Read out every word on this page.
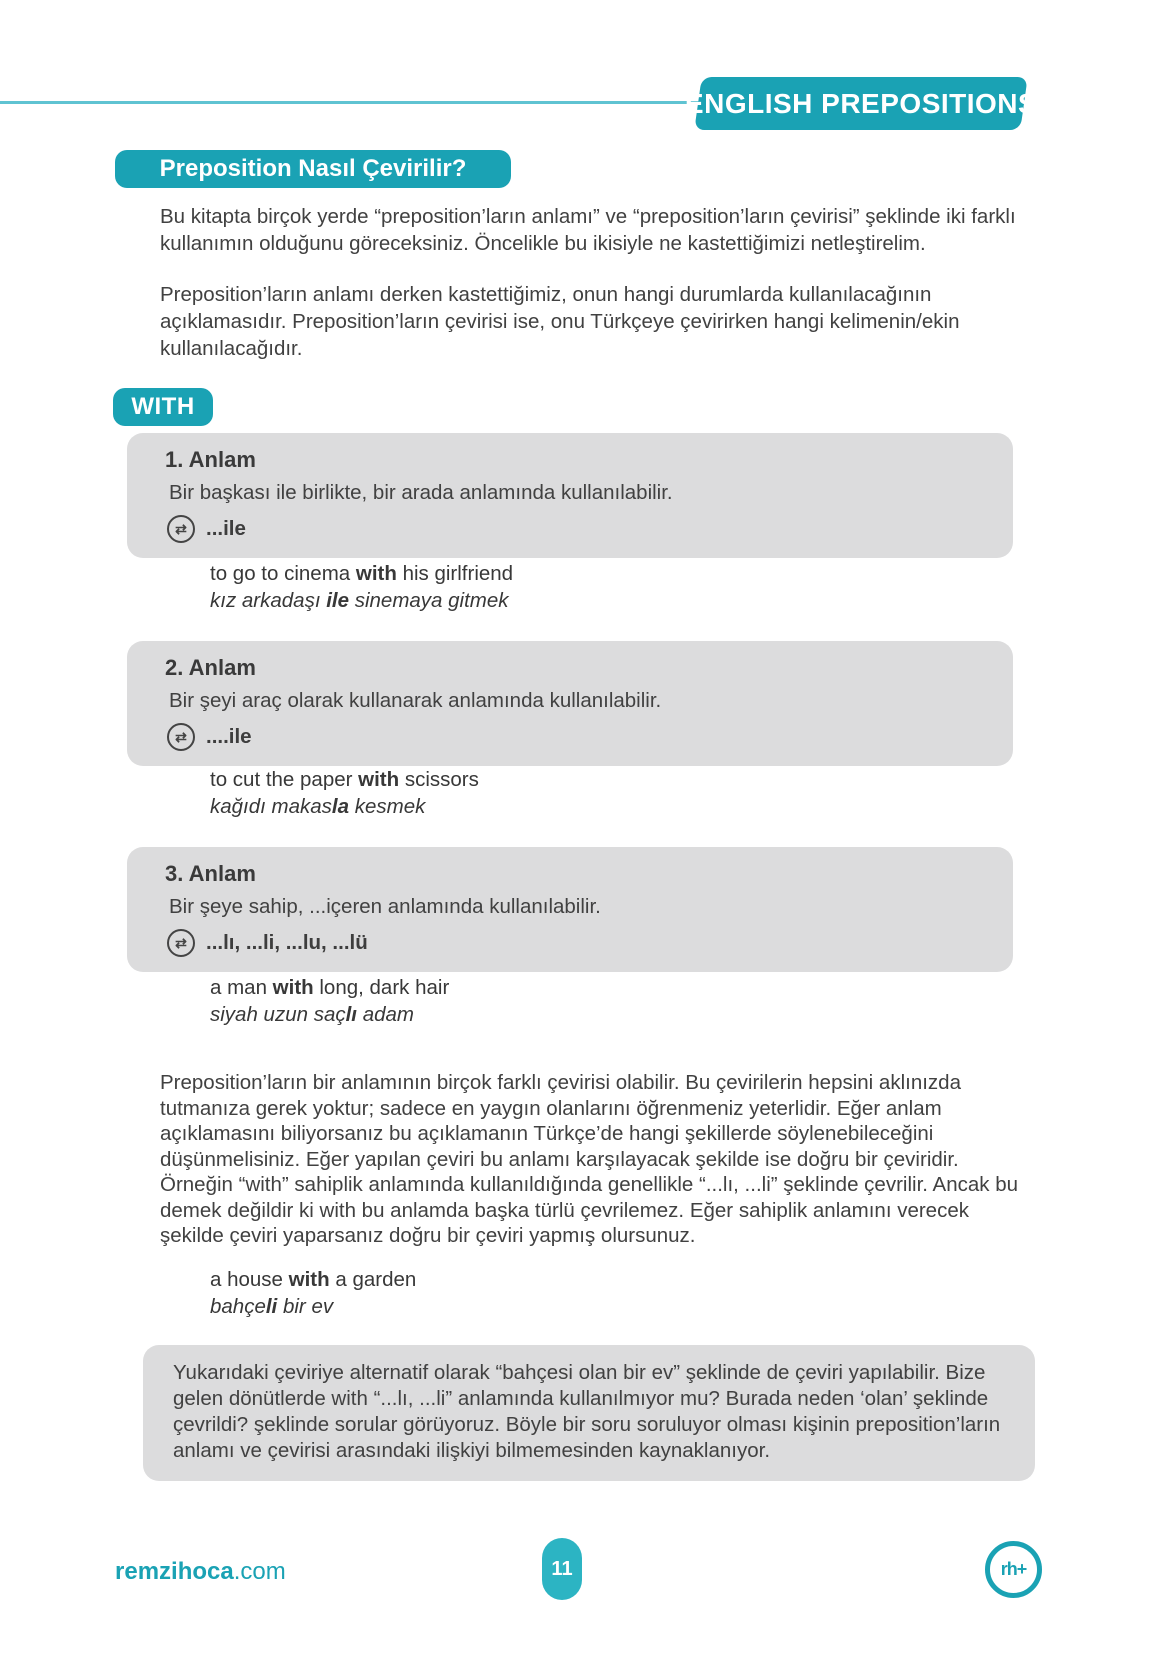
ENGLISH PREPOSITIONS
Preposition Nasıl Çevirilir?

Bu kitapta birçok yerde “preposition’ların anlamı” ve “preposition’ların çevirisi” şeklinde iki farklı kullanımın olduğunu göreceksiniz. Öncelikle bu ikisiyle ne kastettiğimizi netleştirelim.

Preposition’ların anlamı derken kastettiğimiz, onun hangi durumlarda kullanılacağının açıklamasıdır. Preposition’ların çevirisi ise, onu Türkçeye çevirirken hangi kelimenin/ekin kullanılacağıdır.

WITH
1. Anlam

Bir başkası ile birlikte, bir arada anlamında kullanılabilir.

⇄ ...ile

to go to cinema with his girlfriend

kız arkadaşı ile sinemaya gitmek

2. Anlam

Bir şeyi araç olarak kullanarak anlamında kullanılabilir.

⇄ ....ile

to cut the paper with scissors

kağıdı makasla kesmek

3. Anlam

Bir şeye sahip, ...içeren anlamında kullanılabilir.

⇄ ...lı, ...li, ...lu, ...lü

a man with long, dark hair

siyah uzun saçlı adam

Preposition’ların bir anlamının birçok farklı çevirisi olabilir. Bu çevirilerin hepsini aklınızda tutmanıza gerek yoktur; sadece en yaygın olanlarını öğrenmeniz yeterlidir. Eğer anlam açıklamasını biliyorsanız bu açıklamanın Türkçe’de hangi şekillerde söylenebileceğini düşünmelisiniz. Eğer yapılan çeviri bu anlamı karşılayacak şekilde ise doğru bir çeviridir. Örneğin “with” sahiplik anlamında kullanıldığında genellikle “...lı, ...li” şeklinde çevrilir. Ancak bu demek değildir ki with bu anlamda başka türlü çevrilemez. Eğer sahiplik anlamını verecek şekilde çeviri yaparsanız doğru bir çeviri yapmış olursunuz.

a house with a garden

bahçeli bir ev

Yukarıdaki çeviriye alternatif olarak “bahçesi olan bir ev” şeklinde de çeviri yapılabilir. Bize gelen dönütlerde with “...lı, ...li” anlamında kullanılmıyor mu? Burada neden ‘olan’ şeklinde çevrildi? şeklinde sorular görüyoruz. Böyle bir soru soruluyor olması kişinin preposition’ların anlamı ve çevirisi arasındaki ilişkiyi bilmemesinden kaynaklanıyor.
remzihoca.com	11	rh+
